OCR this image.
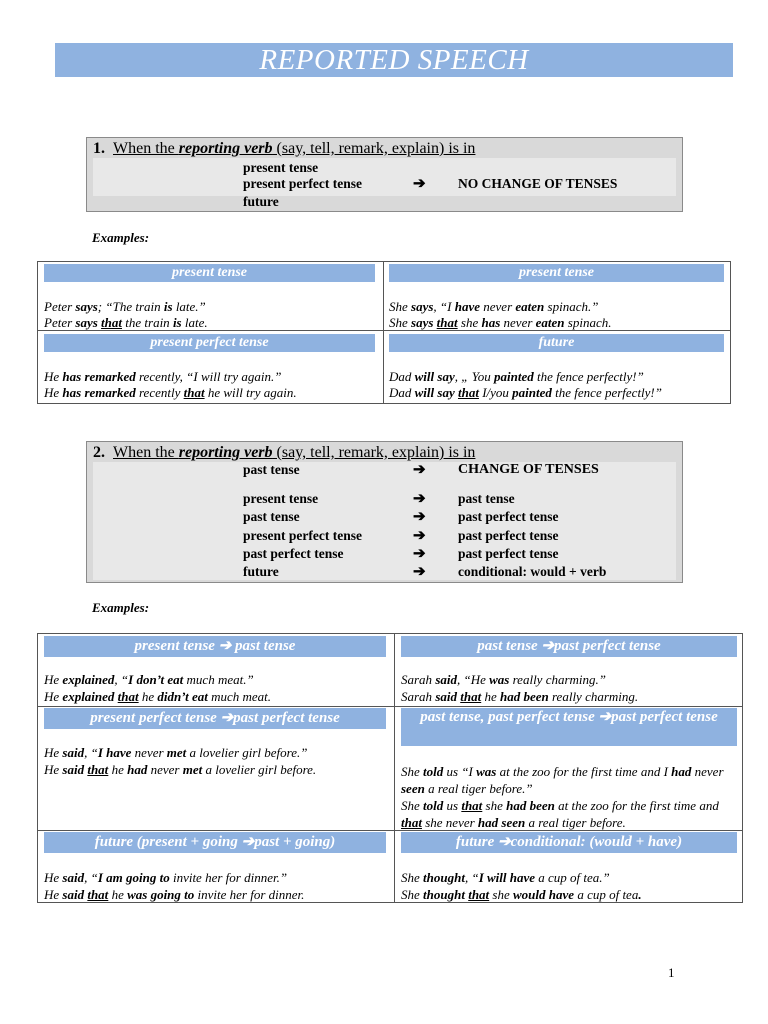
REPORTED SPEECH
1. When the reporting verb (say, tell, remark, explain) is in
present tense
present perfect tense	➔ NO CHANGE OF TENSES
future
Examples:
present tense
Peter says; “The train is late.”
Peter says that the train is late.
present tense
She says, “I have never eaten spinach.”
She says that she has never eaten spinach.
present perfect tense
He has remarked recently, “I will try again.”
He has remarked recently that he will try again.
future
Dad will say, „ You painted the fence perfectly!”
Dad will say that I/you painted the fence perfectly!”
2. When the reporting verb (say, tell, remark, explain) is in
past tense	➔ CHANGE OF TENSES
present tense	➔ past tense
past tense	➔ past perfect tense
present perfect tense	➔ past perfect tense
past perfect tense	➔ past perfect tense
future	➔ conditional: would + verb
Examples:
present tense ➔ past tense
He explained, “I don’t eat much meat.”
He explained that he didn’t eat much meat.
past tense ➔past perfect tense
Sarah said, “He was really charming.”
Sarah said that he had been really charming.
present perfect tense ➔past perfect tense
He said, “I have never met a lovelier girl before.”
He said that he had never met a lovelier girl before.
past tense, past perfect tense ➔past perfect tense
She told us “I was at the zoo for the first time and I had never seen a real tiger before.”
She told us that she had been at the zoo for the first time and that she never had seen a real tiger before.
future (present + going ➔past + going)
He said, “I am going to invite her for dinner.”
He said that he was going to invite her for dinner.
future ➔conditional: (would + have)
She thought, “I will have a cup of tea.”
She thought that she would have a cup of tea.
1
